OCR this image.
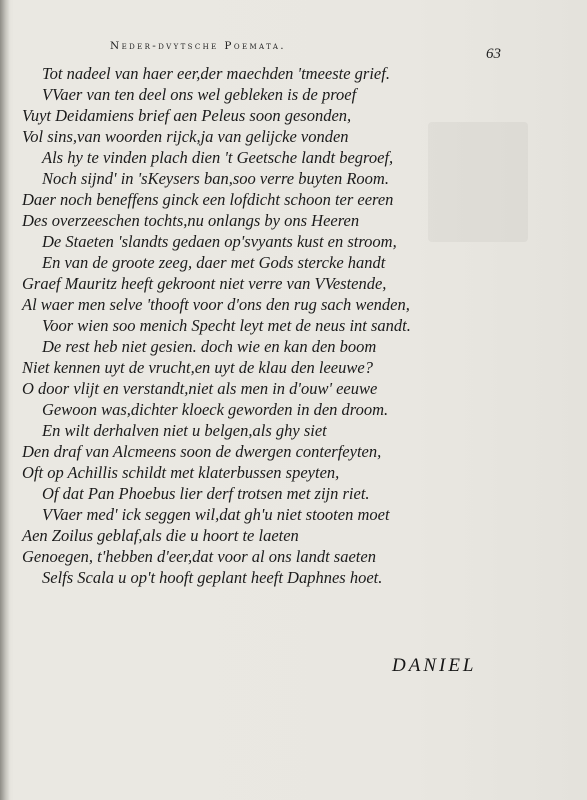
Neder-dvytsche Poemata.	63
Tot nadeel van haer eer,der maechden 'tmeeste grief.
VVaer van ten deel ons wel gebleken is de proef
Vuyt Deidamiens brief aen Peleus soon gesonden,
Vol sins,van woorden rijck,ja van gelijcke vonden
Als hy te vinden plach dien 't Geetsche landt begroef,
Noch sijnd' in 'sKeysers ban,soo verre buyten Room.
Daer noch beneffens ginck een lofdicht schoon ter eeren
Des overzeeschen tochts,nu onlangs by ons Heeren
De Staeten 'slandts gedaen op'svyants kust en stroom,
En van de groote zeeg, daer met Gods stercke handt
Graef Mauritz heeft gekroont niet verre van VVestende,
Al waer men selve 'thooft voor d'ons den rug sach wenden,
Voor wien soo menich Specht leyt met de neus int sandt.
De rest heb niet gesien. doch wie en kan den boom
Niet kennen uyt de vrucht,en uyt de klau den leeuwe?
O door vlijt en verstandt,niet als men in d'ouw' eeuwe
Gewoon was,dichter kloeck geworden in den droom.
En wilt derhalven niet u belgen,als ghy siet
Den draf van Alcmeens soon de dwergen conterfeyten,
Oft op Achillis schildt met klaterbussen speyten,
Of dat Pan Phoebus lier derf trotsen met zijn riet.
VVaer med' ick seggen wil,dat gh'u niet stooten moet
Aen Zoilus geblaf,als die u hoort te laeten
Genoegen, t'hebben d'eer,dat voor al ons landt saeten
Selfs Scala u op't hooft geplant heeft Daphnes hoet.
DANIEL
